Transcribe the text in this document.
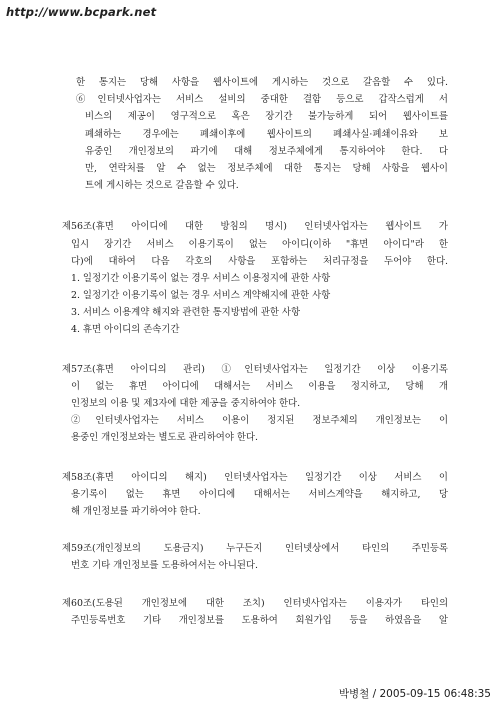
http://www.bcpark.net
한 통지는 당해 사항을 웹사이트에 게시하는 것으로 갈음할 수 있다.
⑥인터넷사업자는 서비스 설비의 중대한 결함 등으로 갑작스럽게 서
비스의 제공이 영구적으로 혹은 장기간 불가능하게 되어 웹사이트를
폐쇄하는 경우에는 폐쇄이후에 웹사이트의 폐쇄사실·폐쇄이유와 보
유중인 개인정보의 파기에 대해 정보주체에게 통지하여야 한다. 다
만, 연락처를 알 수 없는 정보주체에 대한 통지는 당해 사항을 웹사이
트에 게시하는 것으로 갈음할 수 있다.
제56조(휴면 아이디에 대한 방침의 명시) 인터넷사업자는 웹사이트 가
입시 장기간 서비스 이용기록이 없는 아이디(이하 "휴면 아이디"라 한
다)에 대하여 다음 각호의 사항을 포함하는 처리규정을 두어야 한다.
1. 일정기간 이용기록이 없는 경우 서비스 이용정지에 관한 사항
2. 일정기간 이용기록이 없는 경우 서비스 계약해지에 관한 사항
3. 서비스 이용계약 해지와 관련한 통지방법에 관한 사항
4. 휴면 아이디의 존속기간
제57조(휴면 아이디의 관리) ①인터넷사업자는 일정기간 이상 이용기록
이 없는 휴면 아이디에 대해서는 서비스 이용을 정지하고, 당해 개
인정보의 이용 및 제3자에 대한 제공을 중지하여야 한다.
②인터넷사업자는 서비스 이용이 정지된 정보주체의 개인정보는 이
용중인 개인정보와는 별도로 관리하여야 한다.
제58조(휴면 아이디의 해지) 인터넷사업자는 일정기간 이상 서비스 이
용기록이 없는 휴면 아이디에 대해서는 서비스계약을 해지하고, 당
해 개인정보를 파기하여야 한다.
제59조(개인정보의 도용금지) 누구든지 인터넷상에서 타인의 주민등록
번호 기타 개인정보를 도용하여서는 아니된다.
제60조(도용된 개인정보에 대한 조치) 인터넷사업자는 이용자가 타인의
주민등록번호 기타 개인정보를 도용하여 회원가입 등을 하였음을 알
박병철 / 2005-09-15 06:48:35
